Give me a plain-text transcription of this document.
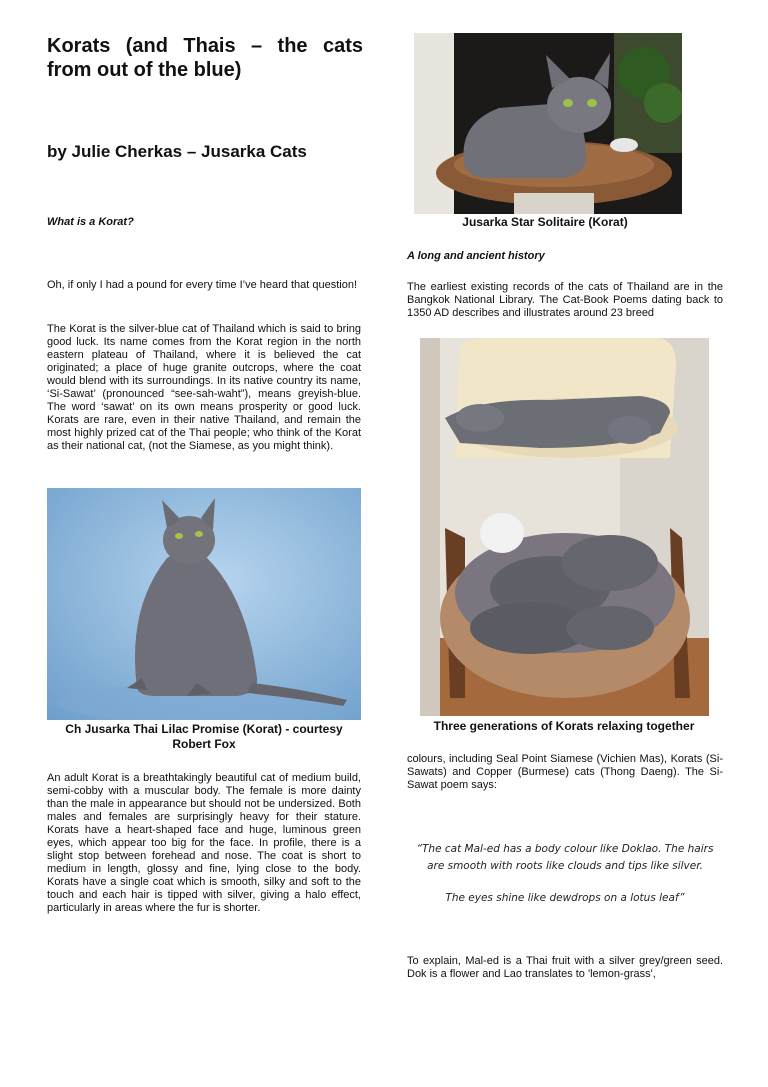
Korats (and Thais – the cats from out of the blue)
by Julie Cherkas – Jusarka Cats
What is a Korat?
Oh, if only I had a pound for every time I’ve heard that question!
The Korat is the silver-blue cat of Thailand which is said to bring good luck. Its name comes from the Korat region in the north eastern plateau of Thailand, where it is believed the cat originated; a place of huge granite outcrops, where the coat would blend with its surroundings. In its native country its name, ‘Si-Sawat’ (pronounced “see-sah-waht”), means greyish-blue. The word ‘sawat’ on its own means prosperity or good luck. Korats are rare, even in their native Thailand, and remain the most highly prized cat of the Thai people; who think of the Korat as their national cat, (not the Siamese, as you might think).
Ch Jusarka Thai Lilac Promise (Korat) - courtesy Robert Fox
An adult Korat is a breathtakingly beautiful cat of medium build, semi-cobby with a muscular body. The female is more dainty than the male in appearance but should not be undersized. Both males and females are surprisingly heavy for their stature. Korats have a heart-shaped face and huge, luminous green eyes, which appear too big for the face. In profile, there is a slight stop between forehead and nose. The coat is short to medium in length, glossy and fine, lying close to the body. Korats have a single coat which is smooth, silky and soft to the touch and each hair is tipped with silver, giving a halo effect, particularly in areas where the fur is shorter.
Jusarka Star Solitaire (Korat)
A long and ancient history
The earliest existing records of the cats of Thailand are in the Bangkok National Library. The Cat-Book Poems dating back to 1350 AD describes and illustrates around 23 breed
Three generations of Korats relaxing together
colours, including Seal Point Siamese (Vichien Mas), Korats (Si-Sawats) and Copper (Burmese) cats (Thong Daeng). The Si-Sawat poem says:
“The cat Mal-ed has a body colour like Doklao. The hairs are smooth with roots like clouds and tips like silver.
The eyes shine like dewdrops on a lotus leaf”
To explain, Mal-ed is a Thai fruit with a silver grey/green seed. Dok is a flower and Lao translates to 'lemon-grass',
